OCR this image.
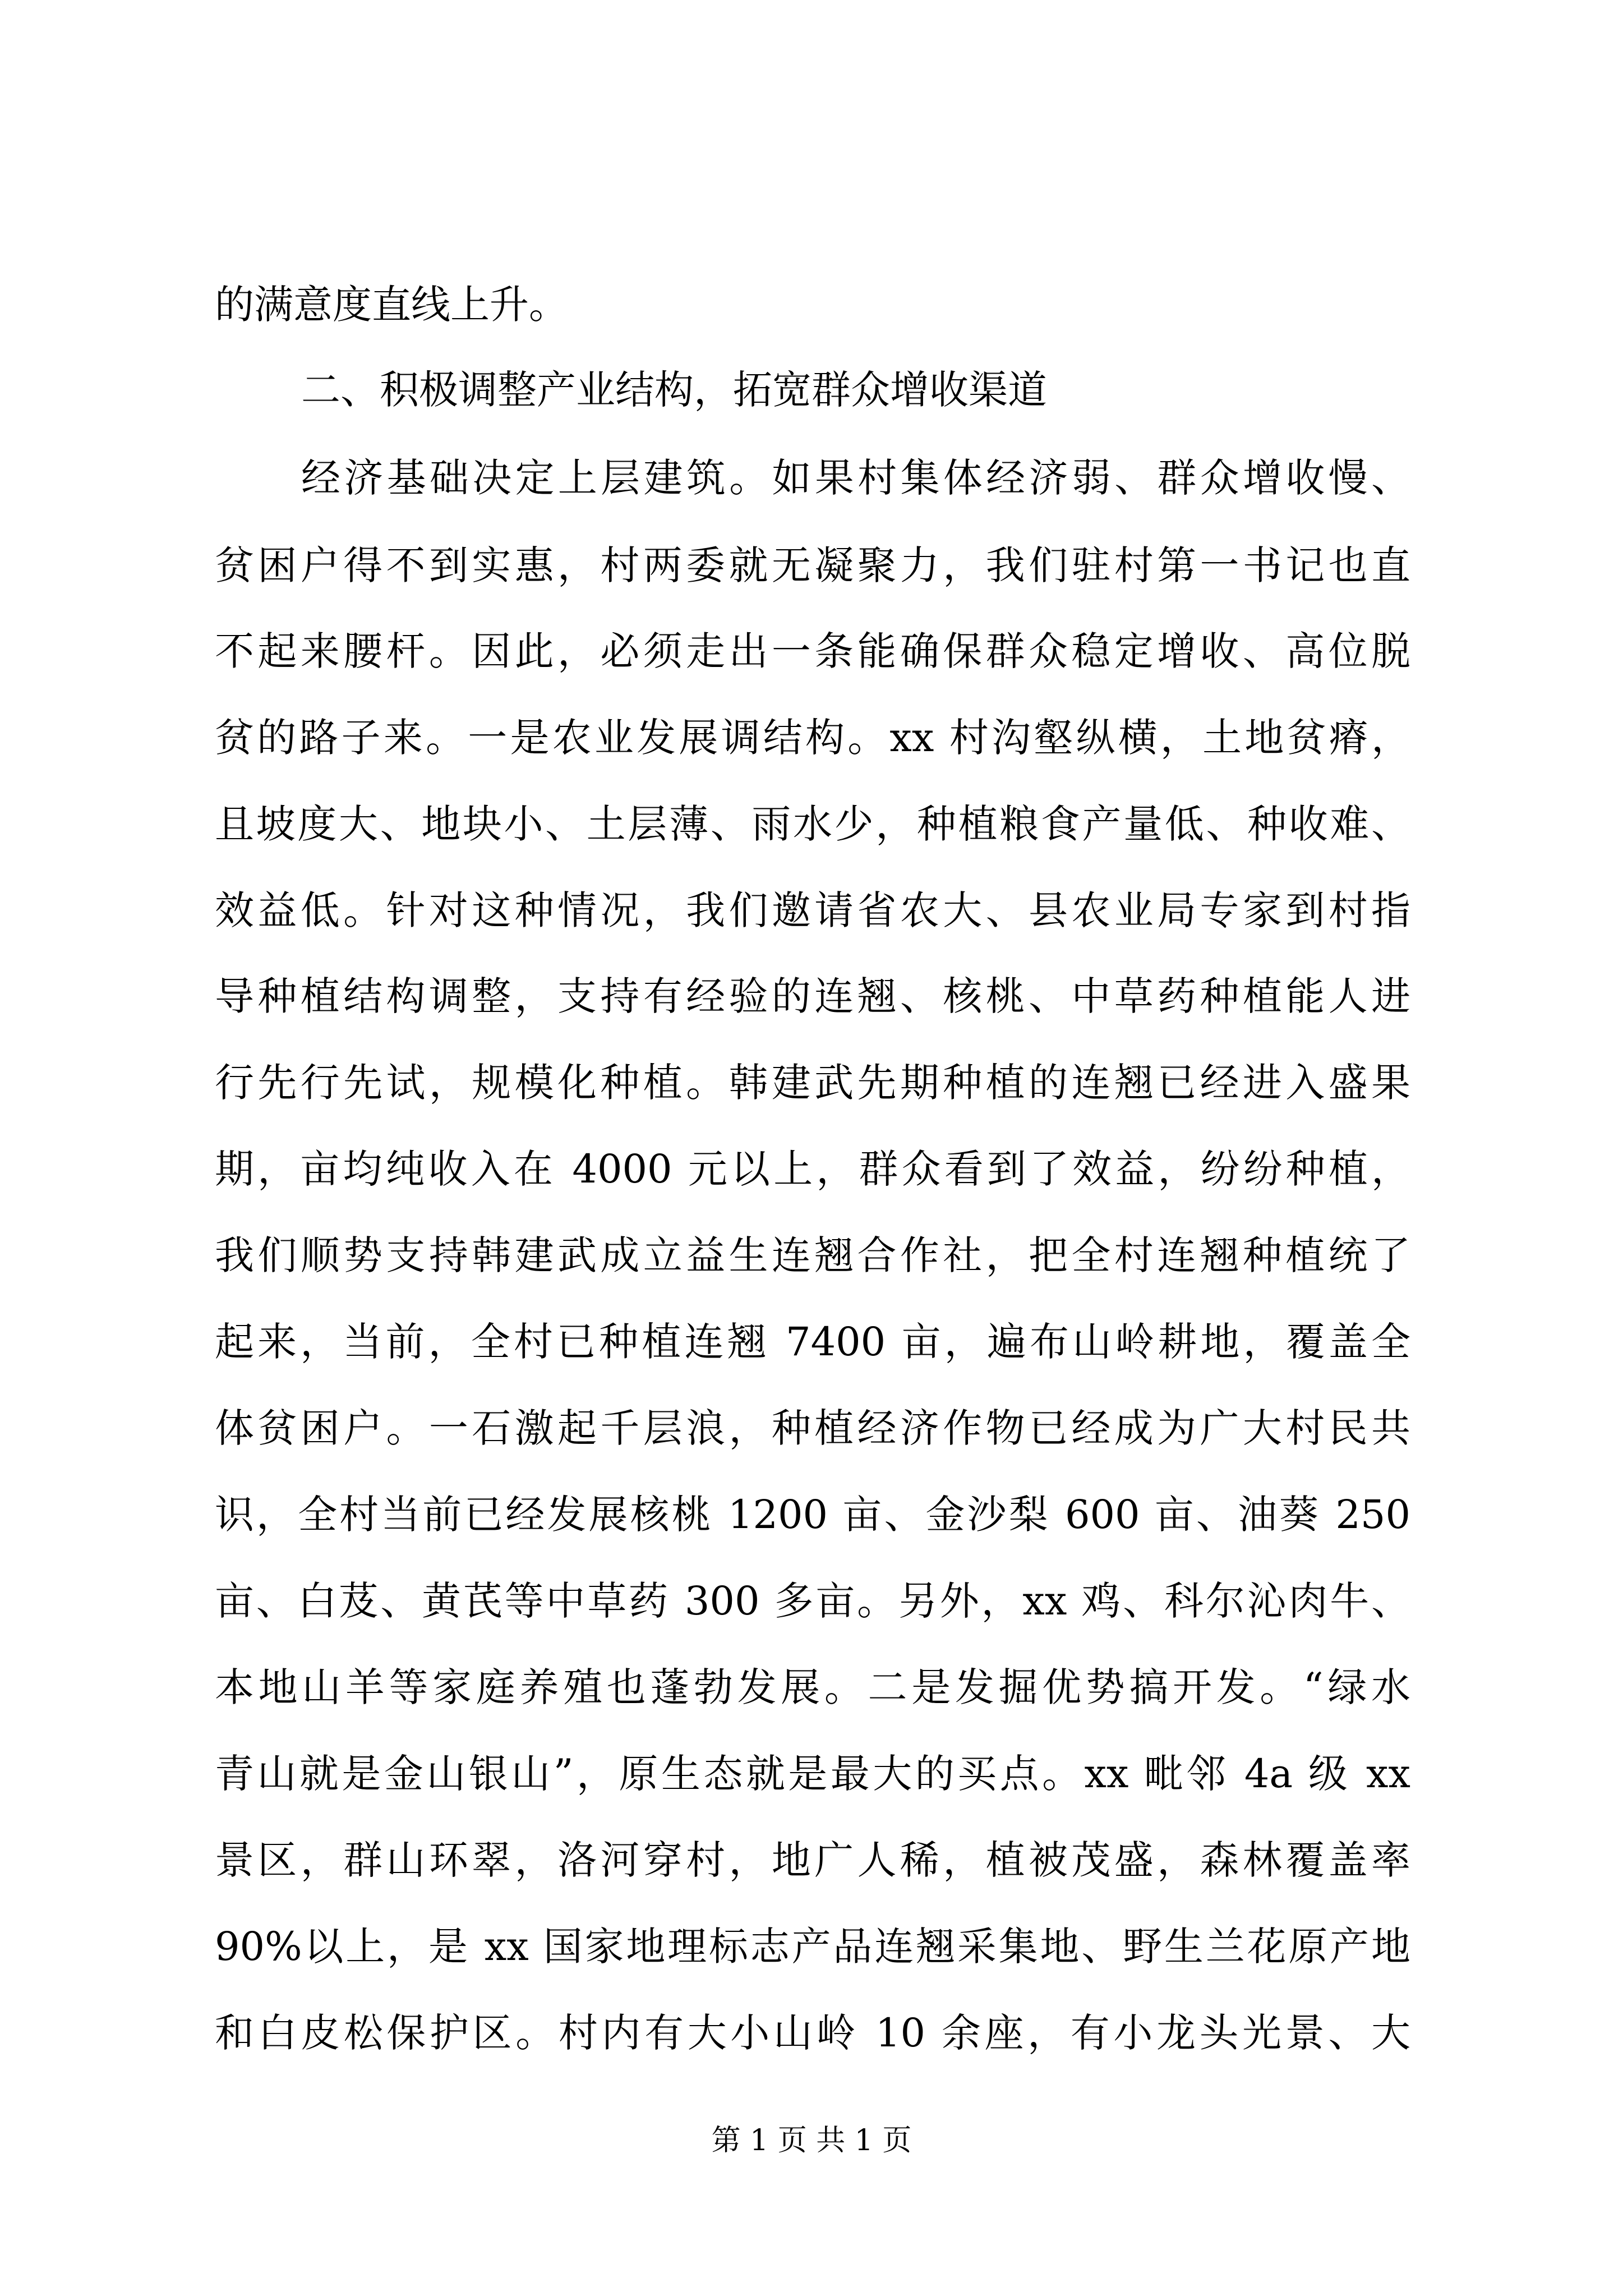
的满意度直线上升。
二、积极调整产业结构，拓宽群众增收渠道
经济基础决定上层建筑。如果村集体经济弱、群众增收慢、
贫困户得不到实惠，村两委就无凝聚力，我们驻村第一书记也直
不起来腰杆。因此，必须走出一条能确保群众稳定增收、高位脱
贫的路子来。一是农业发展调结构。xx 村沟壑纵横，土地贫瘠，
且坡度大、地块小、土层薄、雨水少，种植粮食产量低、种收难、
效益低。针对这种情况，我们邀请省农大、县农业局专家到村指
导种植结构调整，支持有经验的连翘、核桃、中草药种植能人进
行先行先试，规模化种植。韩建武先期种植的连翘已经进入盛果
期，亩均纯收入在 4000 元以上，群众看到了效益，纷纷种植，
我们顺势支持韩建武成立益生连翘合作社，把全村连翘种植统了
起来，当前，全村已种植连翘 7400 亩，遍布山岭耕地，覆盖全
体贫困户。一石激起千层浪，种植经济作物已经成为广大村民共
识，全村当前已经发展核桃 1200 亩、金沙梨 600 亩、油葵 250
亩、白芨、黄芪等中草药 300 多亩。另外，xx 鸡、科尔沁肉牛、
本地山羊等家庭养殖也蓬勃发展。二是发掘优势搞开发。“绿水
青山就是金山银山”，原生态就是最大的买点。xx 毗邻 4a 级 xx
景区，群山环翠，洛河穿村，地广人稀，植被茂盛，森林覆盖率
90%以上，是 xx 国家地理标志产品连翘采集地、野生兰花原产地
和白皮松保护区。村内有大小山岭 10 余座，有小龙头光景、大
第 1 页 共 1 页
